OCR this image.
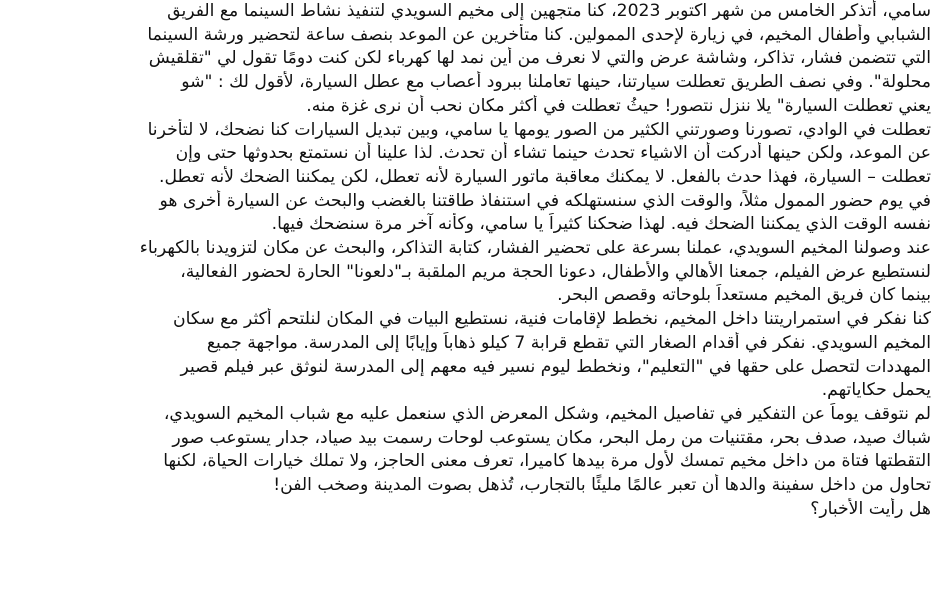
سامي، أتذكر الخامس من شهر اكتوبر 2023، كنا متجهين إلى مخيم السويدي لتنفيذ نشاط السينما مع الفريق
الشبابي وأطفال المخيم، في زيارة لإحدى الممولين. كنا متأخرين عن الموعد بنصف ساعة لتحضير ورشة السينما
التي تتضمن فشار، تذاكر، وشاشة عرض والتي لا نعرف من أين نمد لها كهرباء لكن كنت دومًا تقول لي "تقلقيش
محلولة". وفي نصف الطريق تعطلت سيارتنا، حينها تعاملنا ببرود أعصاب مع عطل السيارة، لأقول لك : "شو
يعني تعطلت السيارة" يلا ننزل نتصور! حيثُ تعطلت في أكثر مكان نحب أن نرى غزة منه.

تعطلت في الوادي، تصورنا وصورتني الكثير من الصور يومها يا سامي، وبين تبديل السيارات كنا نضحك، لا لتأخرنا
عن الموعد، ولكن حينها أدركت أن الاشياء تحدث حينما تشاء أن تحدث. لذا علينا أن نستمتع بحدوثها حتى وإن
تعطلت – السيارة، فهذا حدث بالفعل. لا يمكنك معاقبة ماتور السيارة لأنه تعطل، لكن يمكننا الضحك لأنه تعطل.

في يوم حضور الممول مثلاً، والوقت الذي سنستهلكه في استنفاذ طاقتنا بالغضب والبحث عن السيارة أخرى هو
نفسه الوقت الذي يمكننا الضحك فيه. لهذا ضحكنا كثيراً يا سامي، وكأنه آخر مرة سنضحك فيها.

عند وصولنا المخيم السويدي، عملنا بسرعة على تحضير الفشار، كتابة التذاكر، والبحث عن مكان لتزويدنا بالكهرباء
لنستطيع عرض الفيلم، جمعنا الأهالي والأطفال، دعونا الحجة مريم الملقبة بـ"دلعونا" الحارة لحضور الفعالية،
بينما كان فريق المخيم مستعداً بلوحاته وقصص البحر.

كنا نفكر في استمراريتنا داخل المخيم، نخطط لإقامات فنية، نستطيع البيات في المكان لنلتحم أكثر مع سكان
المخيم السويدي. نفكر في أقدام الصغار التي تقطع قرابة 7 كيلو ذهاباً وإيابًا إلى المدرسة. مواجهة جميع
المهددات لتحصل على حقها في "التعليم"، ونخطط ليوم نسير فيه معهم إلى المدرسة لنوثق عبر فيلم قصير
يحمل حكاياتهم.

لم نتوقف يوماً عن التفكير في تفاصيل المخيم، وشكل المعرض الذي سنعمل عليه مع شباب المخيم السويدي،
شباك صيد، صدف بحر، مقتنيات من رمل البحر، مكان يستوعب لوحات رسمت بيد صياد، جدار يستوعب صور
التقطتها فتاة من داخل مخيم تمسك لأول مرة بيدها كاميرا، تعرف معنى الحاجز، ولا تملك خيارات الحياة، لكنها
تحاول من داخل سفينة والدها أن تعبر عالمًا مليئًا بالتجارب، تُذهل بصوت المدينة وصخب الفن!
هل رأيت الأخبار؟
